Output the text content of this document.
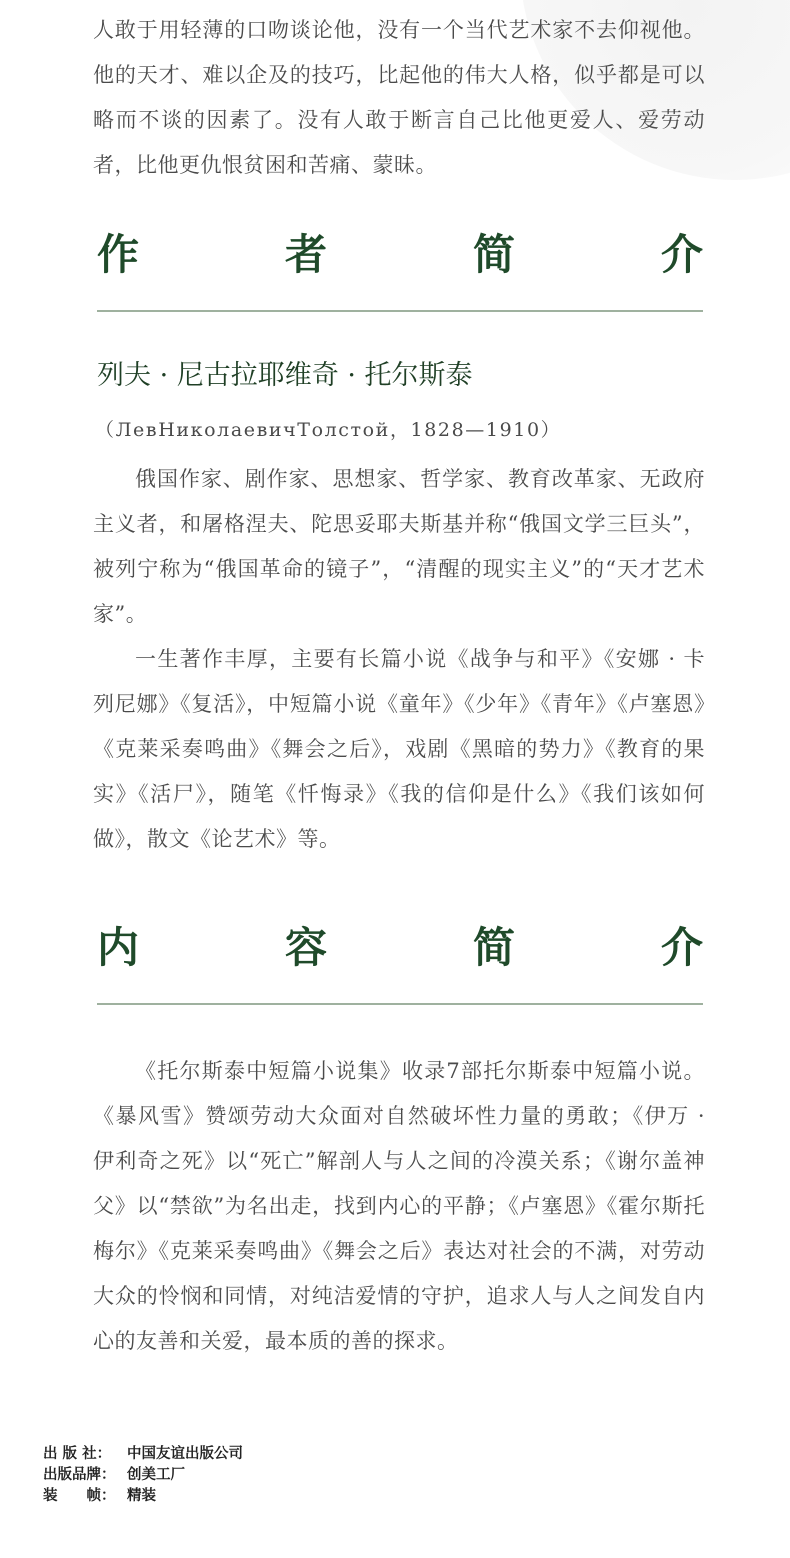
人敢于用轻薄的口吻谈论他，没有一个当代艺术家不去仰视他。他的天才、难以企及的技巧，比起他的伟大人格，似乎都是可以略而不谈的因素了。没有人敢于断言自己比他更爱人、爱劳动者，比他更仇恨贫困和苦痛、蒙昧。

作	者	简	介
列夫 · 尼古拉耶维奇 · 托尔斯泰
（ЛевНиколаевичТолстой，1828—1910）

俄国作家、剧作家、思想家、哲学家、教育改革家、无政府主义者，和屠格涅夫、陀思妥耶夫斯基并称“俄国文学三巨头”，被列宁称为“俄国革命的镜子”，“清醒的现实主义”的“天才艺术家”。

一生著作丰厚，主要有长篇小说《战争与和平》《安娜 · 卡列尼娜》《复活》，中短篇小说《童年》《少年》《青年》《卢塞恩》《克莱采奏鸣曲》《舞会之后》，戏剧《黑暗的势力》《教育的果实》《活尸》，随笔《忏悔录》《我的信仰是什么》《我们该如何做》，散文《论艺术》等。

内	容	简	介

《托尔斯泰中短篇小说集》收录7部托尔斯泰中短篇小说。《暴风雪》赞颂劳动大众面对自然破坏性力量的勇敢；《伊万 · 伊利奇之死》以“死亡”解剖人与人之间的冷漠关系；《谢尔盖神父》以“禁欲”为名出走，找到内心的平静；《卢塞恩》《霍尔斯托梅尔》《克莱采奏鸣曲》《舞会之后》表达对社会的不满，对劳动大众的怜悯和同情，对纯洁爱情的守护，追求人与人之间发自内心的友善和关爱，最本质的善的探求。

出 版 社：	中国友谊出版公司
出版品牌： 创美工厂
装　　帧： 精装
